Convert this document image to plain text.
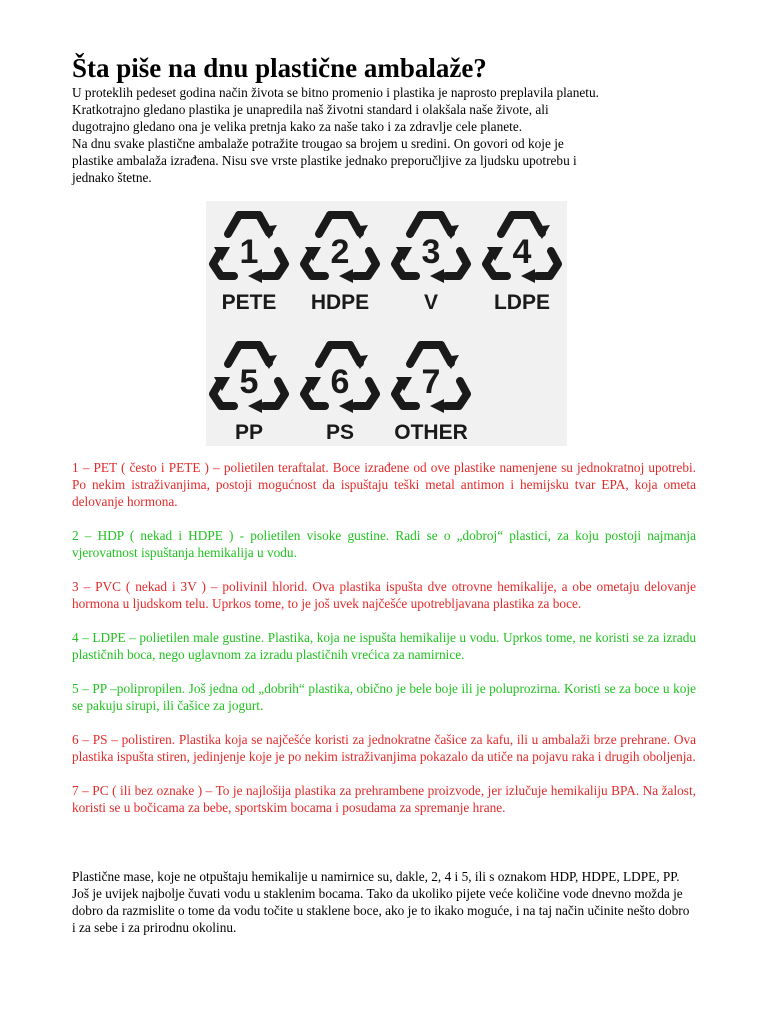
Šta piše na dnu plastične ambalaže?

U proteklih pedeset godina način života se bitno promenio i plastika je naprosto preplavila planetu.

Kratkotrajno gledano plastika je unapredila naš životni standard i olakšala naše živote, ali

dugotrajno gledano ona je velika pretnja kako za naše tako i za zdravlje cele planete.

Na dnu svake plastične ambalaže potražite trougao sa brojem u sredini. On govori od koje je

plastike ambalaža izrađena. Nisu sve vrste plastike jednako preporučljive za ljudsku upotrebu i

jednako štetne.

1
PETE
2
HDPE
3
V
4
LDPE
5
PP
6
PS
7
OTHER

1 – PET ( često i PETE ) – polietilen teraftalat. Boce izrađene od ove plastike namenjene su jednokratnoj upotrebi. Po nekim istraživanjima, postoji mogućnost da ispuštaju teški metal antimon i hemijsku tvar EPA, koja ometa delovanje hormona.

2 – HDP ( nekad i HDPE ) - polietilen visoke gustine. Radi se o „dobroj“ plastici, za koju postoji najmanja vjerovatnost ispuštanja hemikalija u vodu.

3 – PVC ( nekad i 3V ) – polivinil hlorid. Ova plastika ispušta dve otrovne hemikalije, a obe ometaju delovanje hormona u ljudskom telu. Uprkos tome, to je još uvek najčešće upotrebljavana plastika za boce.

4 – LDPE – polietilen male gustine. Plastika, koja ne ispušta hemikalije u vodu. Uprkos tome, ne koristi se za izradu plastičnih boca, nego uglavnom za izradu plastičnih vrećica za namirnice.

5 – PP –polipropilen. Još jedna od „dobrih“ plastika, obično je bele boje ili je poluprozirna. Koristi se za boce u koje se pakuju sirupi, ili čašice za jogurt.

6 – PS – polistiren. Plastika koja se najčešće koristi za jednokratne čašice za kafu, ili u ambalaži brze prehrane. Ova plastika ispušta stiren, jedinjenje koje je po nekim istraživanjima pokazalo da utiče na pojavu raka i drugih oboljenja.

7 – PC ( ili bez oznake ) – To je najlošija plastika za prehrambene proizvode, jer izlučuje hemikaliju BPA. Na žalost, koristi se u bočicama za bebe, sportskim bocama i posudama za spremanje hrane.

Plastične mase, koje ne otpuštaju hemikalije u namirnice su, dakle, 2, 4 i 5, ili s oznakom HDP, HDPE, LDPE, PP. Još je uvijek najbolje čuvati vodu u staklenim bocama. Tako da ukoliko pijete veće količine vode dnevno možda je dobro da razmislite o tome da vodu točite u staklene boce, ako je to ikako moguće, i na taj način učinite nešto dobro i za sebe i za prirodnu okolinu.
